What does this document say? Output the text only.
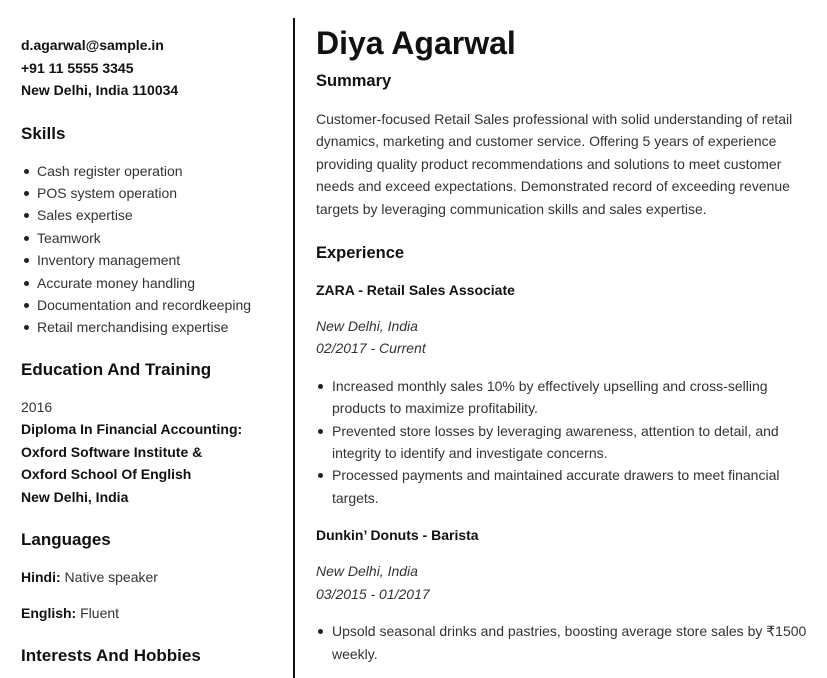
d.agarwal@sample.in
+91 11 5555 3345
New Delhi, India 110034
Skills
Cash register operation
POS system operation
Sales expertise
Teamwork
Inventory management
Accurate money handling
Documentation and recordkeeping
Retail merchandising expertise
Education And Training
2016
Diploma In Financial Accounting:
Oxford Software Institute &
Oxford School Of English
New Delhi, India
Languages
Hindi: Native speaker
English: Fluent
Interests And Hobbies
Diya Agarwal
Summary
Customer-focused Retail Sales professional with solid understanding of retail dynamics, marketing and customer service. Offering 5 years of experience providing quality product recommendations and solutions to meet customer needs and exceed expectations. Demonstrated record of exceeding revenue targets by leveraging communication skills and sales expertise.
Experience
ZARA - Retail Sales Associate
New Delhi, India
02/2017 - Current
Increased monthly sales 10% by effectively upselling and cross-selling products to maximize profitability.
Prevented store losses by leveraging awareness, attention to detail, and integrity to identify and investigate concerns.
Processed payments and maintained accurate drawers to meet financial targets.
Dunkin’ Donuts - Barista
New Delhi, India
03/2015 - 01/2017
Upsold seasonal drinks and pastries, boosting average store sales by ₹1500 weekly.
